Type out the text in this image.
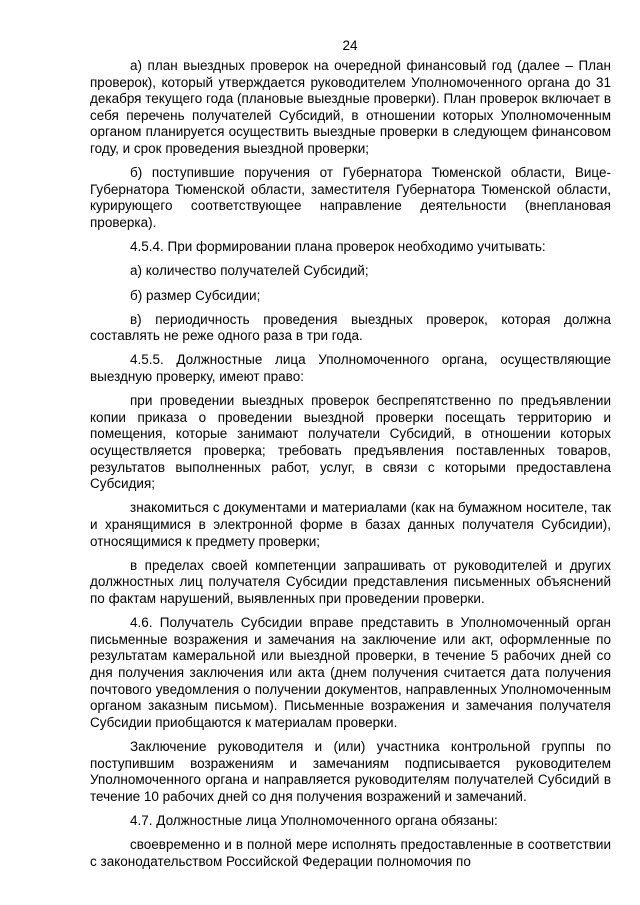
24

а) план выездных проверок на очередной финансовый год (далее – План проверок), который утверждается руководителем Уполномоченного органа до 31 декабря текущего года (плановые выездные проверки). План проверок включает в себя перечень получателей Субсидий, в отношении которых Уполномоченным органом планируется осуществить выездные проверки в следующем финансовом году, и срок проведения выездной проверки;

б) поступившие поручения от Губернатора Тюменской области, Вице-Губернатора Тюменской области, заместителя Губернатора Тюменской области, курирующего соответствующее направление деятельности (внеплановая проверка).

4.5.4. При формировании плана проверок необходимо учитывать:

а) количество получателей Субсидий;

б) размер Субсидии;

в) периодичность проведения выездных проверок, которая должна составлять не реже одного раза в три года.

4.5.5. Должностные лица Уполномоченного органа, осуществляющие выездную проверку, имеют право:

при проведении выездных проверок беспрепятственно по предъявлении копии приказа о проведении выездной проверки посещать территорию и помещения, которые занимают получатели Субсидий, в отношении которых осуществляется проверка; требовать предъявления поставленных товаров, результатов выполненных работ, услуг, в связи с которыми предоставлена Субсидия;

знакомиться с документами и материалами (как на бумажном носителе, так и хранящимися в электронной форме в базах данных получателя Субсидии), относящимися к предмету проверки;

в пределах своей компетенции запрашивать от руководителей и других должностных лиц получателя Субсидии представления письменных объяснений по фактам нарушений, выявленных при проведении проверки.

4.6. Получатель Субсидии вправе представить в Уполномоченный орган письменные возражения и замечания на заключение или акт, оформленные по результатам камеральной или выездной проверки, в течение 5 рабочих дней со дня получения заключения или акта (днем получения считается дата получения почтового уведомления о получении документов, направленных Уполномоченным органом заказным письмом). Письменные возражения и замечания получателя Субсидии приобщаются к материалам проверки.

Заключение руководителя и (или) участника контрольной группы по поступившим возражениям и замечаниям подписывается руководителем Уполномоченного органа и направляется руководителям получателей Субсидий в течение 10 рабочих дней со дня получения возражений и замечаний.

4.7. Должностные лица Уполномоченного органа обязаны:

своевременно и в полной мере исполнять предоставленные в соответствии с законодательством Российской Федерации полномочия по
